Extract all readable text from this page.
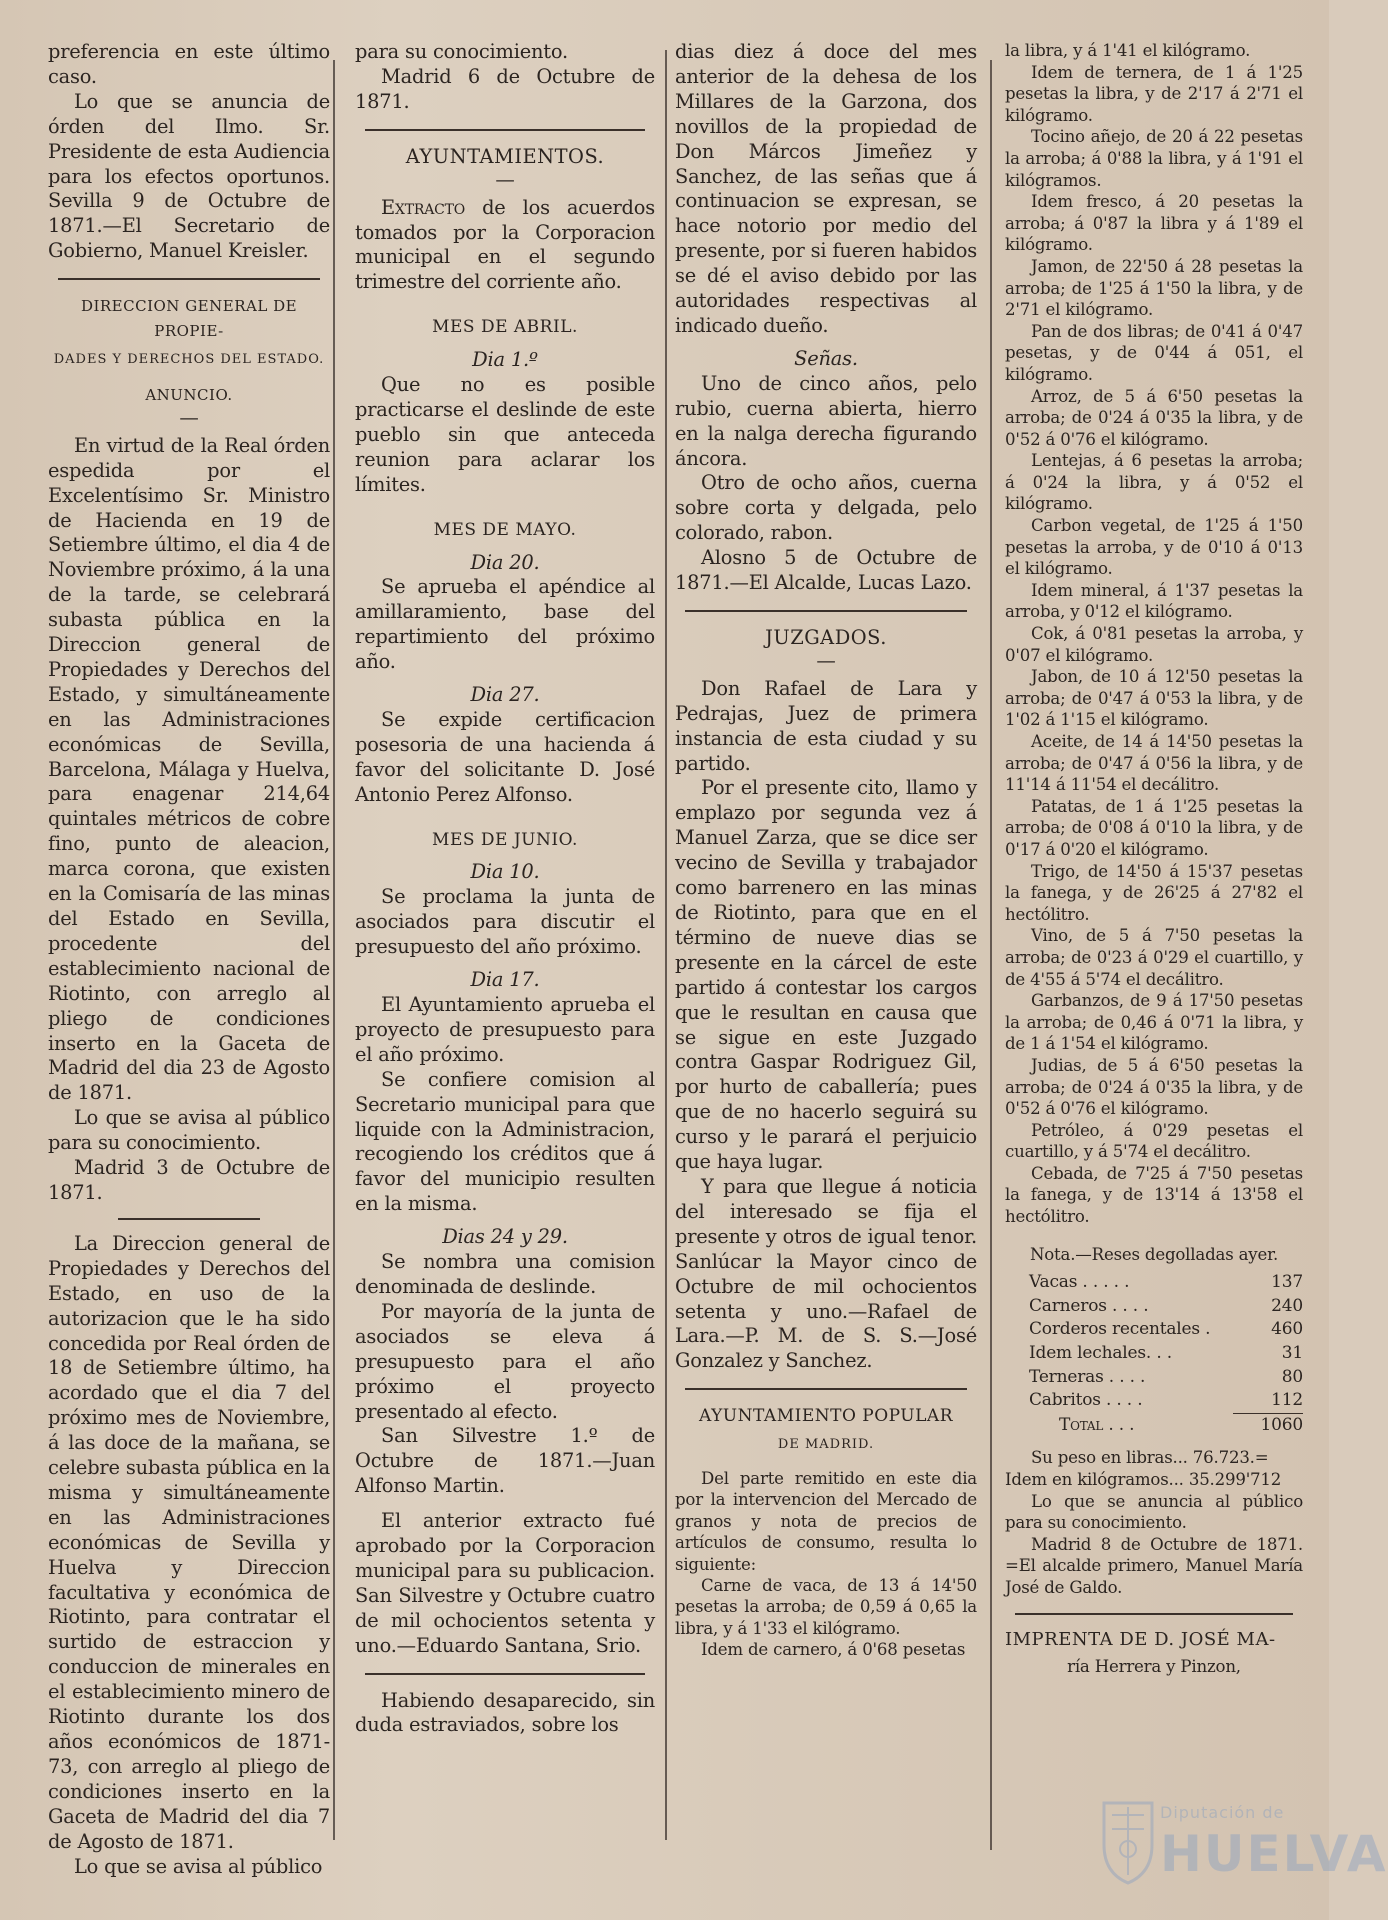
preferencia en este último caso.

Lo que se anuncia de órden del Ilmo. Sr. Presidente de esta Audiencia para los efectos oportunos. Sevilla 9 de Octubre de 1871.—El Secretario de Gobierno, Manuel Kreisler.

DIRECCION GENERAL DE PROPIE-

DADES Y DERECHOS DEL ESTADO.

ANUNCIO.

—

En virtud de la Real órden espedida por el Excelentísimo Sr. Ministro de Hacienda en 19 de Setiembre último, el dia 4 de Noviembre próximo, á la una de la tarde, se celebrará subasta pública en la Direccion general de Propiedades y Derechos del Estado, y simultáneamente en las Administraciones económicas de Sevilla, Barcelona, Málaga y Huelva, para enagenar 214,64 quintales métricos de cobre fino, punto de aleacion, marca corona, que existen en la Comisaría de las minas del Estado en Sevilla, procedente del establecimiento nacional de Riotinto, con arreglo al pliego de condiciones inserto en la Gaceta de Madrid del dia 23 de Agosto de 1871.

Lo que se avisa al público para su conocimiento.

Madrid 3 de Octubre de 1871.

La Direccion general de Propiedades y Derechos del Estado, en uso de la autorizacion que le ha sido concedida por Real órden de 18 de Setiembre último, ha acordado que el dia 7 del próximo mes de Noviembre, á las doce de la mañana, se celebre subasta pública en la misma y simultáneamente en las Administraciones económicas de Sevilla y Huelva y Direccion facultativa y económica de Riotinto, para contratar el surtido de estraccion y conduccion de minerales en el establecimiento minero de Riotinto durante los dos años económicos de 1871-73, con arreglo al pliego de condiciones inserto en la Gaceta de Madrid del dia 7 de Agosto de 1871.

Lo que se avisa al público

para su conocimiento.

Madrid 6 de Octubre de 1871.

AYUNTAMIENTOS.

—

Extracto de los acuerdos tomados por la Corporacion municipal en el segundo trimestre del corriente año.

MES DE ABRIL.

Dia 1.º

Que no es posible practicarse el deslinde de este pueblo sin que anteceda reunion para aclarar los límites.

MES DE MAYO.

Dia 20.

Se aprueba el apéndice al amillaramiento, base del repartimiento del próximo año.

Dia 27.

Se expide certificacion posesoria de una hacienda á favor del solicitante D. José Antonio Perez Alfonso.

MES DE JUNIO.

Dia 10.

Se proclama la junta de asociados para discutir el presupuesto del año próximo.

Dia 17.

El Ayuntamiento aprueba el proyecto de presupuesto para el año próximo.

Se confiere comision al Secretario municipal para que liquide con la Administracion, recogiendo los créditos que á favor del municipio resulten en la misma.

Dias 24 y 29.

Se nombra una comision denominada de deslinde.

Por mayoría de la junta de asociados se eleva á presupuesto para el año próximo el proyecto presentado al efecto.

San Silvestre 1.º de Octubre de 1871.—Juan Alfonso Martin.

El anterior extracto fué aprobado por la Corporacion municipal para su publicacion. San Silvestre y Octubre cuatro de mil ochocientos setenta y uno.—Eduardo Santana, Srio.

Habiendo desaparecido, sin duda estraviados, sobre los

dias diez á doce del mes anterior de la dehesa de los Millares de la Garzona, dos novillos de la propiedad de Don Márcos Jimeñez y Sanchez, de las señas que á continuacion se expresan, se hace notorio por medio del presente, por si fueren habidos se dé el aviso debido por las autoridades respectivas al indicado dueño.

Señas.

Uno de cinco años, pelo rubio, cuerna abierta, hierro en la nalga derecha figurando áncora.

Otro de ocho años, cuerna sobre corta y delgada, pelo colorado, rabon.

Alosno 5 de Octubre de 1871.—El Alcalde, Lucas Lazo.

JUZGADOS.

—

Don Rafael de Lara y Pedrajas, Juez de primera instancia de esta ciudad y su partido.

Por el presente cito, llamo y emplazo por segunda vez á Manuel Zarza, que se dice ser vecino de Sevilla y trabajador como barrenero en las minas de Riotinto, para que en el término de nueve dias se presente en la cárcel de este partido á contestar los cargos que le resultan en causa que se sigue en este Juzgado contra Gaspar Rodriguez Gil, por hurto de caballería; pues que de no hacerlo seguirá su curso y le parará el perjuicio que haya lugar.

Y para que llegue á noticia del interesado se fija el presente y otros de igual tenor. Sanlúcar la Mayor cinco de Octubre de mil ochocientos setenta y uno.—Rafael de Lara.—P. M. de S. S.—José Gonzalez y Sanchez.

AYUNTAMIENTO POPULAR

DE MADRID.

Del parte remitido en este dia por la intervencion del Mercado de granos y nota de precios de artículos de consumo, resulta lo siguiente:

Carne de vaca, de 13 á 14'50 pesetas la arroba; de 0,59 á 0,65 la libra, y á 1'33 el kilógramo.

Idem de carnero, á 0'68 pesetas

la libra, y á 1'41 el kilógramo.

Idem de ternera, de 1 á 1'25 pesetas la libra, y de 2'17 á 2'71 el kilógramo.

Tocino añejo, de 20 á 22 pesetas la arroba; á 0'88 la libra, y á 1'91 el kilógramos.

Idem fresco, á 20 pesetas la arroba; á 0'87 la libra y á 1'89 el kilógramo.

Jamon, de 22'50 á 28 pesetas la arroba; de 1'25 á 1'50 la libra, y de 2'71 el kilógramo.

Pan de dos libras; de 0'41 á 0'47 pesetas, y de 0'44 á 051, el kilógramo.

Arroz, de 5 á 6'50 pesetas la arroba; de 0'24 á 0'35 la libra, y de 0'52 á 0'76 el kilógramo.

Lentejas, á 6 pesetas la arroba; á 0'24 la libra, y á 0'52 el kilógramo.

Carbon vegetal, de 1'25 á 1'50 pesetas la arroba, y de 0'10 á 0'13 el kilógramo.

Idem mineral, á 1'37 pesetas la arroba, y 0'12 el kilógramo.

Cok, á 0'81 pesetas la arroba, y 0'07 el kilógramo.

Jabon, de 10 á 12'50 pesetas la arroba; de 0'47 á 0'53 la libra, y de 1'02 á 1'15 el kilógramo.

Aceite, de 14 á 14'50 pesetas la arroba; de 0'47 á 0'56 la libra, y de 11'14 á 11'54 el decálitro.

Patatas, de 1 á 1'25 pesetas la arroba; de 0'08 á 0'10 la libra, y de 0'17 á 0'20 el kilógramo.

Trigo, de 14'50 á 15'37 pesetas la fanega, y de 26'25 á 27'82 el hectólitro.

Vino, de 5 á 7'50 pesetas la arroba; de 0'23 á 0'29 el cuartillo, y de 4'55 á 5'74 el decálitro.

Garbanzos, de 9 á 17'50 pesetas la arroba; de 0,46 á 0'71 la libra, y de 1 á 1'54 el kilógramo.

Judias, de 5 á 6'50 pesetas la arroba; de 0'24 á 0'35 la libra, y de 0'52 á 0'76 el kilógramo.

Petróleo, á 0'29 pesetas el cuartillo, y á 5'74 el decálitro.

Cebada, de 7'25 á 7'50 pesetas la fanega, y de 13'14 á 13'58 el hectólitro.

Nota.—Reses degolladas ayer.

Vacas . . . . .	137
Carneros . . . .	240
Corderos recentales .	460
Idem lechales. . .	31
Terneras . . . .	80
Cabritos . . . .	112
Total . . .	1060

Su peso en libras... 76.723.=

Idem en kilógramos... 35.299'712

Lo que se anuncia al público para su conocimiento.

Madrid 8 de Octubre de 1871. =El alcalde primero, Manuel María José de Galdo.

IMPRENTA DE D. JOSÉ MA-

ría Herrera y Pinzon,

Diputación de
HUELVA
